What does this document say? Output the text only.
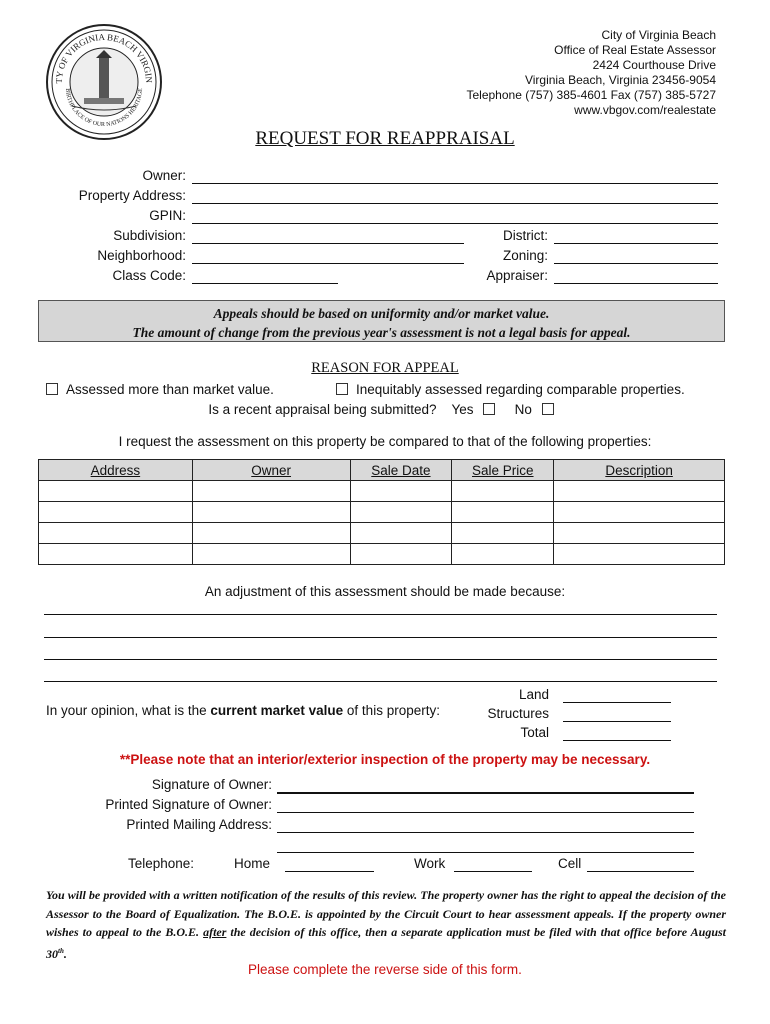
TY OF VIRGINIA BEACH VIRGIN
BIRTHPLACE OF OUR NATIONS HERITAGE
City of Virginia Beach
Office of Real Estate Assessor
2424 Courthouse Drive
Virginia Beach, Virginia 23456-9054
Telephone (757) 385-4601 Fax (757) 385-5727
www.vbgov.com/realestate
REQUEST FOR REAPPRAISAL
Owner:
Property Address:
GPIN:
Subdivision:
Neighborhood:
Class Code:
District:
Zoning:
Appraiser:
Appeals should be based on uniformity and/or market value.
The amount of change from the previous year's assessment is not a legal basis for appeal.
REASON FOR APPEAL
Assessed more than market value.	Inequitably assessed regarding comparable properties.
Is a recent appraisal being submitted? Yes	No
I request the assessment on this property be compared to that of the following properties:
Address	Owner	Sale Date	Sale Price	Description

An adjustment of this assessment should be made because:
In your opinion, what is the current market value of this property:
Land
Structures
Total
**Please note that an interior/exterior inspection of the property may be necessary.
Signature of Owner:
Printed Signature of Owner:
Printed Mailing Address:
Telephone:	Home	Work	Cell
You will be provided with a written notification of the results of this review. The property owner has the right to appeal the decision of the Assessor to the Board of Equalization. The B.O.E. is appointed by the Circuit Court to hear assessment appeals. If the property owner wishes to appeal to the B.O.E. after the decision of this office, then a separate application must be filed with that office before August 30th.
Please complete the reverse side of this form.
